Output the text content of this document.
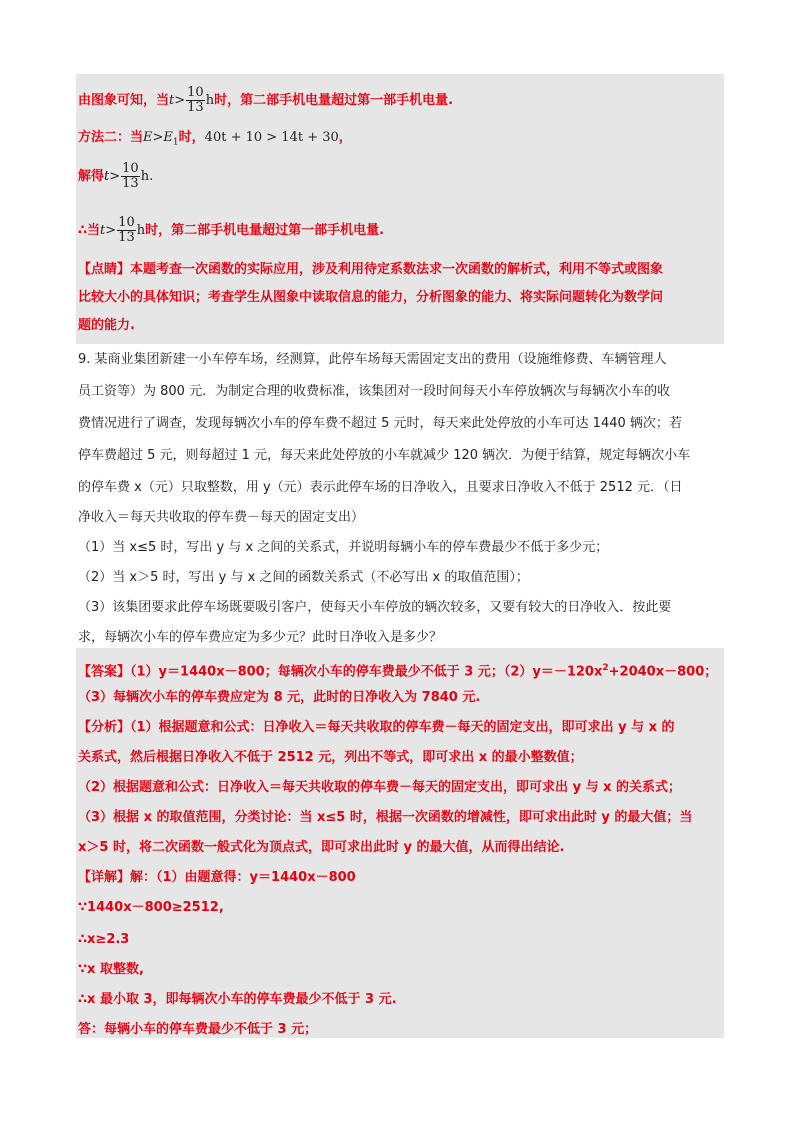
由图象可知，当$t> \frac{10}{13}$ h时，第二部手机电量超过第一部手机电量.
方法二：当$E>E_1$时，40t + 10 > 14t + 30，
解得$t> \frac{10}{13} h$.
∴当$t> \frac{10}{13}$ h时，第二部手机电量超过第一部手机电量.
【点睛】本题考查一次函数的实际应用，涉及利用待定系数法求一次函数的解析式，利用不等式或图象
比较大小的具体知识；考查学生从图象中读取信息的能力，分析图象的能力、将实际问题转化为数学问
题的能力.
9. 某商业集团新建一小车停车场，经测算，此停车场每天需固定支出的费用（设施维修费、车辆管理人
员工资等）为 800 元．为制定合理的收费标准，该集团对一段时间每天小车停放辆次与每辆次小车的收
费情况进行了调查，发现每辆次小车的停车费不超过 5 元时，每天来此处停放的小车可达 1440 辆次；若
停车费超过 5 元，则每超过 1 元，每天来此处停放的小车就减少 120 辆次．为便于结算，规定每辆次小车
的停车费 x（元）只取整数，用 y（元）表示此停车场的日净收入，且要求日净收入不低于 2512 元．（日
净收入＝每天共收取的停车费－每天的固定支出）
（1）当 x≤5 时，写出 y 与 x 之间的关系式，并说明每辆小车的停车费最少不低于多少元；
（2）当 x＞5 时，写出 y 与 x 之间的函数关系式（不必写出 x 的取值范围）；
（3）该集团要求此停车场既要吸引客户，使每天小车停放的辆次较多，又要有较大的日净收入．按此要
求，每辆次小车的停车费应定为多少元？此时日净收入是多少？
【答案】（1）y＝1440x－800；每辆次小车的停车费最少不低于 3 元；$(2)y=-120x^2+2040x-800$；
（3）每辆次小车的停车费应定为 8 元，此时的日净收入为 7840 元.
【分析】（1）根据题意和公式：日净收入＝每天共收取的停车费－每天的固定支出，即可求出 y 与 x 的
关系式，然后根据日净收入不低于 2512 元，列出不等式，即可求出 x 的最小整数值；
（2）根据题意和公式：日净收入＝每天共收取的停车费－每天的固定支出，即可求出 y 与 x 的关系式；
（3）根据 x 的取值范围，分类讨论：当 x≤5 时，根据一次函数的增减性，即可求出此时 y 的最大值；当
x＞5 时，将二次函数一般式化为顶点式，即可求出此时 y 的最大值，从而得出结论.
【详解】解：（1）由题意得：y＝1440x－800
∵1440x－800≥2512,
∴x≥2.3
∵x 取整数,
∴x 最小取 3，即每辆次小车的停车费最少不低于 3 元.
答：每辆小车的停车费最少不低于 3 元；
